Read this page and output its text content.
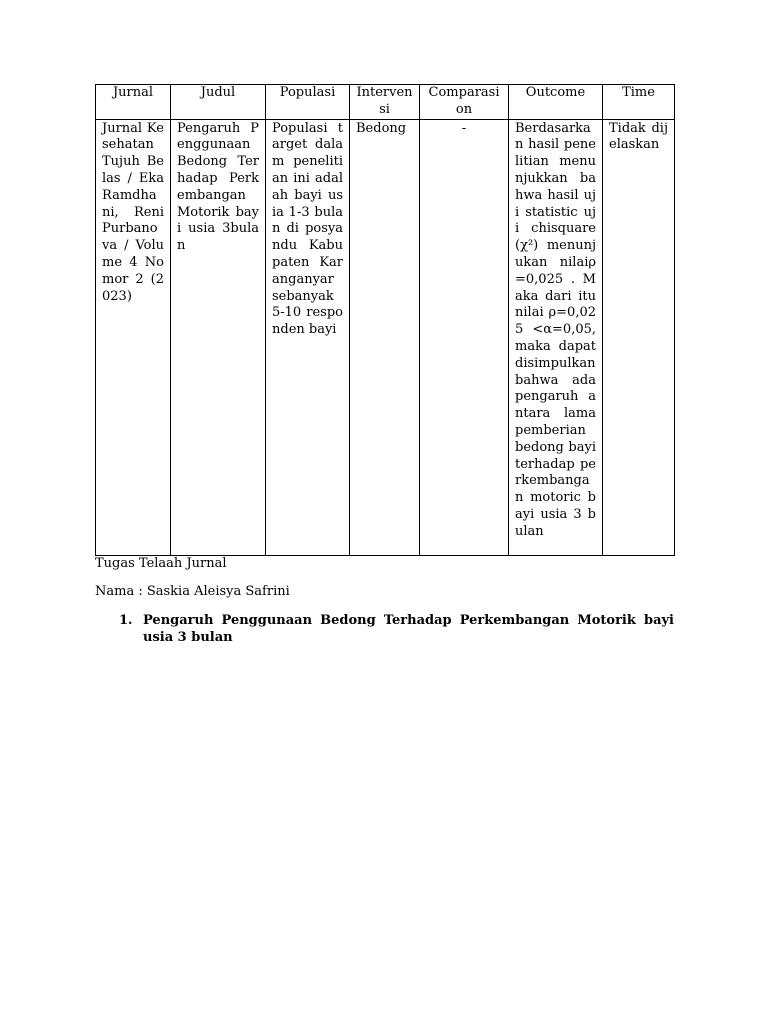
Jurnal	Judul	Populasi	Interven si	Comparasi on	Outcome	Time
Jurnal Kesehatan Tujuh Belas / Eka Ramdhani, Reni Purbanova / Volume 4 Nomor 2 (2023)	Pengaruh Penggunaan Bedong Terhadap Perkembangan Motorik bayi usia 3bulan	Populasi target dalam penelitian ini adalah bayi usia 1-3 bulan di posyandu Kabupaten Karanganyar sebanyak 5-10 responden bayi	Bedong	-	Berdasarkan hasil penelitian menunjukkan bahwa hasil uji statistic uji chisquare(χ²) menunjukan nilaiρ=0,025 . Maka dari itu nilai ρ=0,025 <α=0,05, maka dapat disimpulkan bahwa ada pengaruh antara lama pemberian bedong bayi terhadap perkembangan motoric bayi usia 3 bulan	Tidak dijelaskan
Tugas Telaah Jurnal
Nama : Saskia Aleisya Safrini
1. Pengaruh Penggunaan Bedong Terhadap Perkembangan Motorik bayi usia 3 bulan
